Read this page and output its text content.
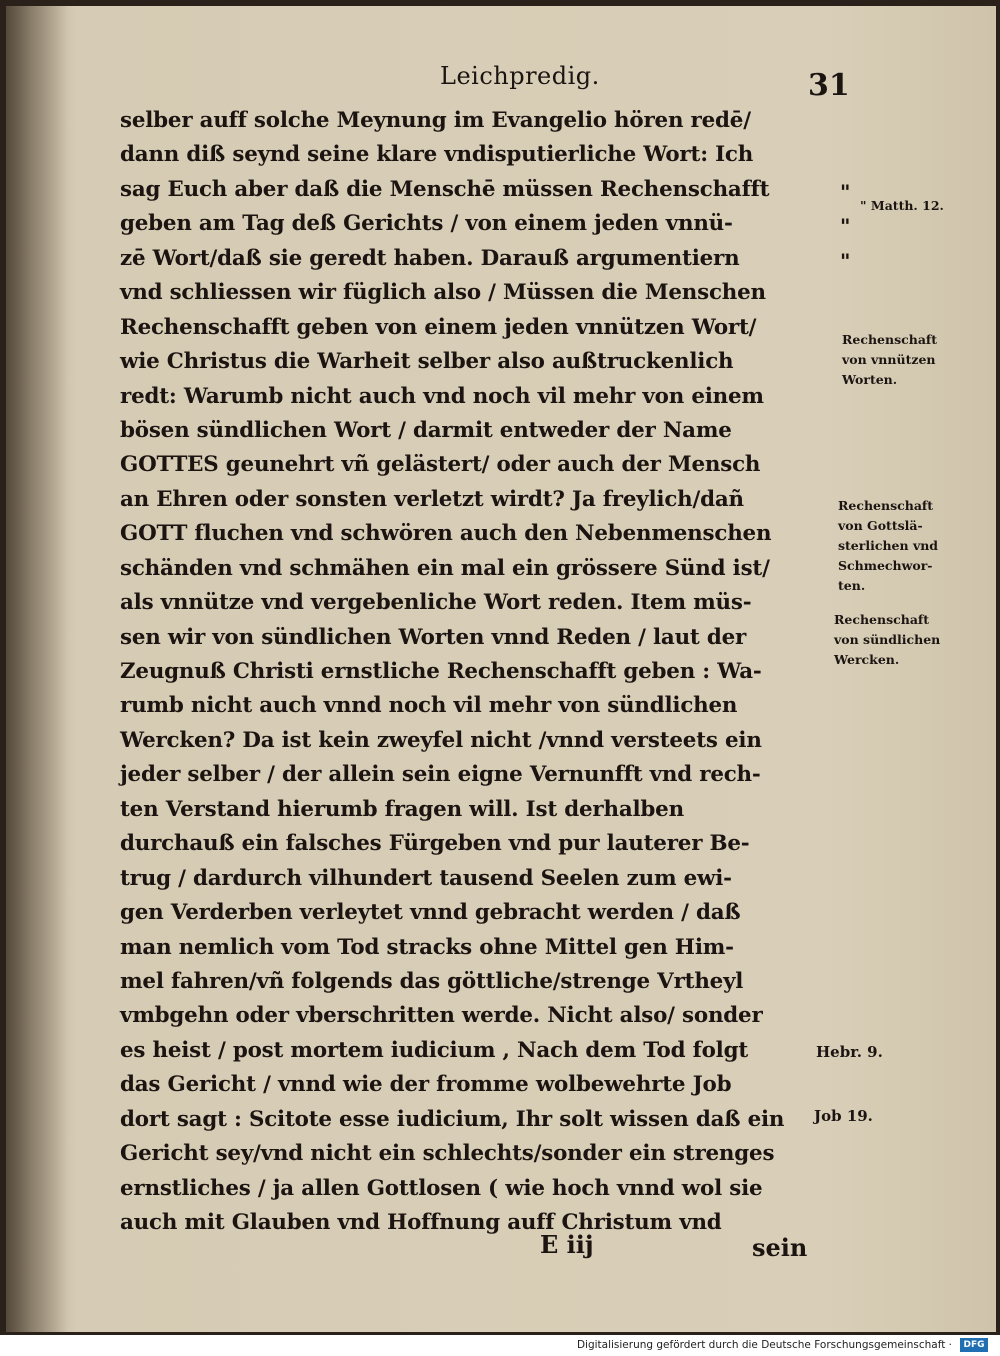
Leichpredig.	31
selber auff solche Meynung im Evangelio hören redē/
dann diß seynd seine klare vndisputierliche Wort: Ich
sag Euch aber daß die Menschē müssen Rechenschafft
geben am Tag deß Gerichts / von einem jeden vnnü-
zē Wort/daß sie geredt haben. Darauß argumentiern
vnd schliessen wir füglich also / Müssen die Menschen
Rechenschafft geben von einem jeden vnnützen Wort/
wie Christus die Warheit selber also außtruckenlich
redt: Warumb nicht auch vnd noch vil mehr von einem
bösen sündlichen Wort / darmit entweder der Name
GOTTES geunehrt vñ gelästert/ oder auch der Mensch
an Ehren oder sonsten verletzt wirdt? Ja freylich/dañ
GOTT fluchen vnd schwören auch den Nebenmenschen
schänden vnd schmähen ein mal ein grössere Sünd ist/
als vnnütze vnd vergebenliche Wort reden. Item müs-
sen wir von sündlichen Worten vnnd Reden / laut der
Zeugnuß Christi ernstliche Rechenschafft geben : Wa-
rumb nicht auch vnnd noch vil mehr von sündlichen
Wercken? Da ist kein zweyfel nicht /vnnd versteets ein
jeder selber / der allein sein eigne Vernunfft vnd rech-
ten Verstand hierumb fragen will. Ist derhalben
durchauß ein falsches Fürgeben vnd pur lauterer Be-
trug / dardurch vilhundert tausend Seelen zum ewi-
gen Verderben verleytet vnnd gebracht werden / daß
man nemlich vom Tod stracks ohne Mittel gen Him-
mel fahren/vñ folgends das göttliche/strenge Vrtheyl
vmbgehn oder vberschritten werde. Nicht also/ sonder
es heist / post mortem iudicium , Nach dem Tod folgt
das Gericht / vnnd wie der fromme wolbewehrte Job
dort sagt : Scitote esse iudicium, Ihr solt wissen daß ein
Gericht sey/vnd nicht ein schlechts/sonder ein strenges
ernstliches / ja allen Gottlosen ( wie hoch vnnd wol sie
auch mit Glauben vnd Hoffnung auff Christum vnd
"
"
"
" Matth. 12.
Rechenschaft
von vnnützen
Worten.
Rechenschaft
von Gottslä-
sterlichen vnd
Schmechwor-
ten.
Rechenschaft
von sündlichen
Wercken.
Hebr. 9.
Job 19.
E iij	sein
Digitalisierung gefördert durch die Deutsche Forschungsgemeinschaft ·	DFG
